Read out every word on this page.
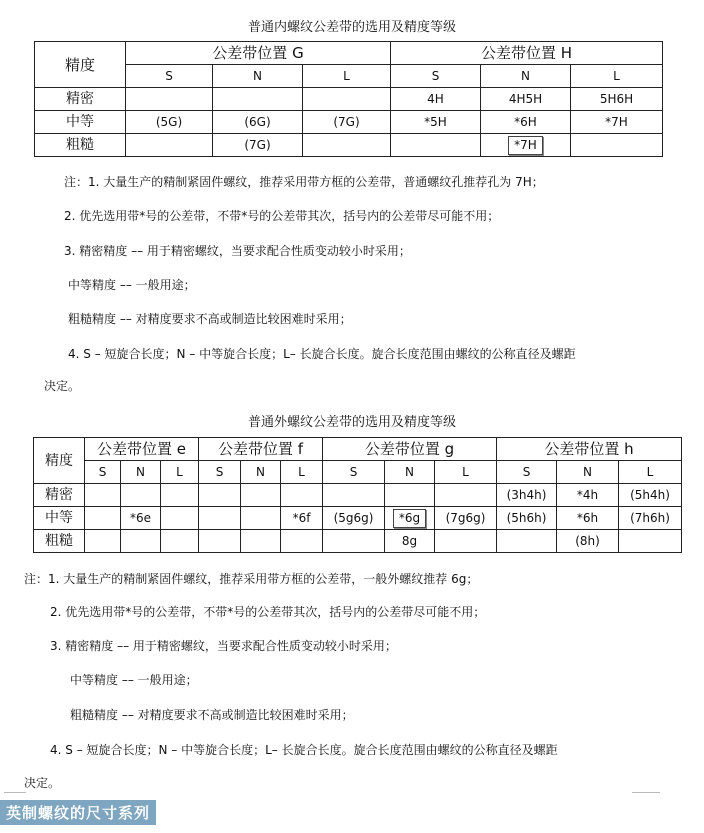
普通内螺纹公差带的选用及精度等级
精度	公差带位置 G			公差带位置 H		
	S	N	L	S	N	L
精密				4H	4H5H	5H6H
中等	(5G)	(6G)	(7G)	*5H	*6H	*7H
粗糙		(7G)			*7H	
注：1. 大量生产的精制紧固件螺纹，推荐采用带方框的公差带，普通螺纹孔推荐孔为 7H；
2. 优先选用带*号的公差带，不带*号的公差带其次，括号内的公差带尽可能不用；
3. 精密精度 –– 用于精密螺纹，当要求配合性质变动较小时采用；
中等精度 –– 一般用途；
粗糙精度 –– 对精度要求不高或制造比较困难时采用；
4. S – 短旋合长度；N – 中等旋合长度；L– 长旋合长度。旋合长度范围由螺纹的公称直径及螺距
决定。
普通外螺纹公差带的选用及精度等级
精度	公差带位置 e			公差带位置 f			公差带位置 g			公差带位置 h		
	S	N	L	S	N	L	S	N	L	S	N	L
精密										(3h4h)	*4h	(5h4h)
中等		*6e				*6f	(5g6g)	*6g	(7g6g)	(5h6h)	*6h	(7h6h)
粗糙								8g			(8h)	
注：1. 大量生产的精制紧固件螺纹，推荐采用带方框的公差带，一般外螺纹推荐 6g；
2. 优先选用带*号的公差带，不带*号的公差带其次，括号内的公差带尽可能不用；
3. 精密精度 –– 用于精密螺纹，当要求配合性质变动较小时采用；
中等精度 –– 一般用途；
粗糙精度 –– 对精度要求不高或制造比较困难时采用；
4. S – 短旋合长度；N – 中等旋合长度；L– 长旋合长度。旋合长度范围由螺纹的公称直径及螺距
决定。
英制螺纹的尺寸系列
